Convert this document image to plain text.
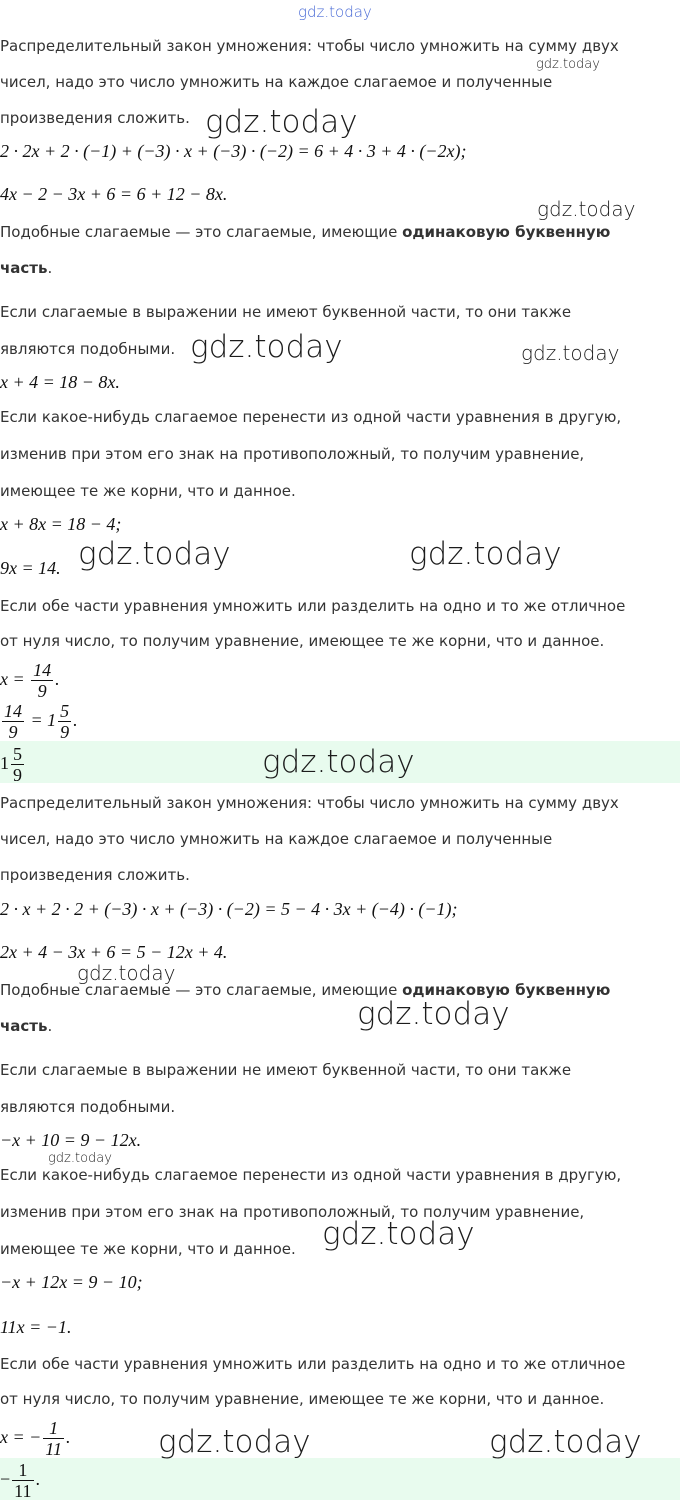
Распределительный закон умножения: чтобы число умножить на сумму двух
чисел, надо это число умножить на каждое слагаемое и полученные
произведения сложить.
2 · 2x + 2 · (−1) + (−3) · x + (−3) · (−2) = 6 + 4 · 3 + 4 · (−2x);
4x − 2 − 3x + 6 = 6 + 12 − 8x.
Подобные слагаемые — это слагаемые, имеющие одинаковую буквенную
часть.
Если слагаемые в выражении не имеют буквенной части, то они также
являются подобными.
x + 4 = 18 − 8x.
Если какое-нибудь слагаемое перенести из одной части уравнения в другую,
изменив при этом его знак на противоположный, то получим уравнение,
имеющее те же корни, что и данное.
x + 8x = 18 − 4;
9x = 14.
Если обе части уравнения умножить или разделить на одно и то же отличное
от нуля число, то получим уравнение, имеющее те же корни, что и данное.
$x = \frac{14}{9}$ .
$\frac{14}{9} = 1 \frac{5}{9}$ .
$1 \frac{5}{9}$
Распределительный закон умножения: чтобы число умножить на сумму двух
чисел, надо это число умножить на каждое слагаемое и полученные
произведения сложить.
2 · x + 2 · 2 + (−3) · x + (−3) · (−2) = 5 − 4 · 3x + (−4) · (−1);
2x + 4 − 3x + 6 = 5 − 12x + 4.
Подобные слагаемые — это слагаемые, имеющие одинаковую буквенную
часть.
Если слагаемые в выражении не имеют буквенной части, то они также
являются подобными.
−x + 10 = 9 − 12x.
Если какое-нибудь слагаемое перенести из одной части уравнения в другую,
изменив при этом его знак на противоположный, то получим уравнение,
имеющее те же корни, что и данное.
−x + 12x = 9 − 10;
11x = −1.
Если обе части уравнения умножить или разделить на одно и то же отличное
от нуля число, то получим уравнение, имеющее те же корни, что и данное.
x = − $\frac{1}{11}$ .
− $\frac{1}{11}$ .
gdz.today
gdz.today
gdz.today
gdz.today
gdz.today	gdz.today
gdz.today	gdz.today
gdz.today
gdz.today
gdz.today
gdz.today
gdz.today
gdz.today	gdz.today
